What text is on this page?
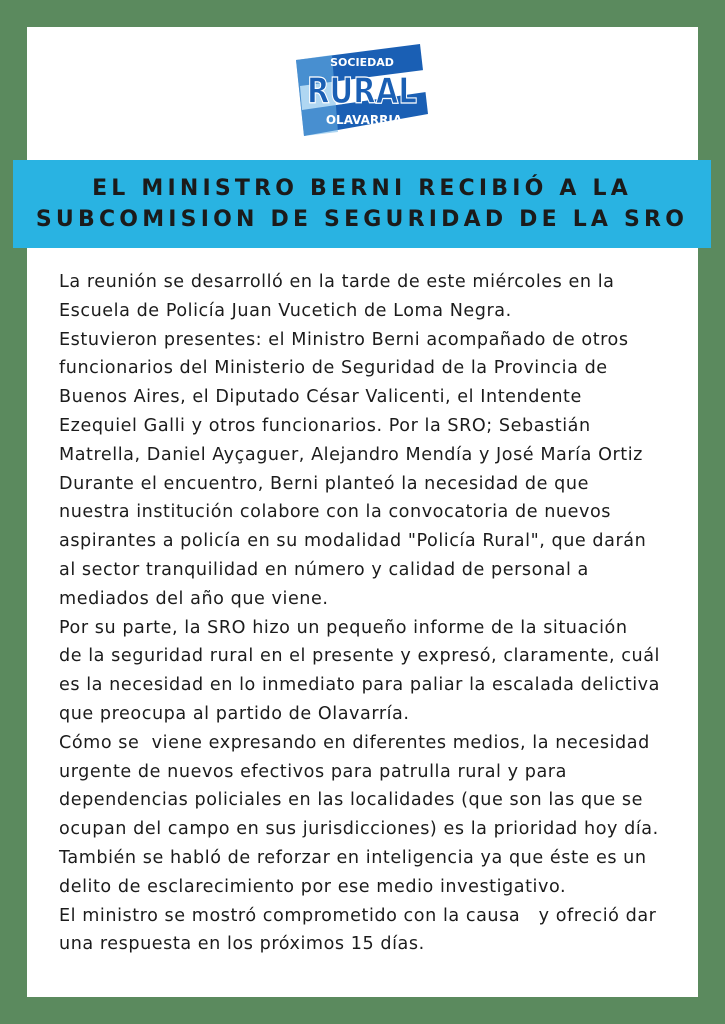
SOCIEDAD
RURAL
OLAVARRIA
EL MINISTRO BERNI RECIBIÓ A LA
SUBCOMISION DE SEGURIDAD DE LA SRO
La reunión se desarrolló en la tarde de este miércoles en la
Escuela de Policía Juan Vucetich de Loma Negra.
Estuvieron presentes: el Ministro Berni acompañado de otros
funcionarios del Ministerio de Seguridad de la Provincia de
Buenos Aires, el Diputado César Valicenti, el Intendente
Ezequiel Galli y otros funcionarios. Por la SRO; Sebastián
Matrella, Daniel Ayçaguer, Alejandro Mendía y José María Ortiz
Durante el encuentro, Berni planteó la necesidad de que
nuestra institución colabore con la convocatoria de nuevos
aspirantes a policía en su modalidad "Policía Rural", que darán
al sector tranquilidad en número y calidad de personal a
mediados del año que viene.
Por su parte, la SRO hizo un pequeño informe de la situación
de la seguridad rural en el presente y expresó, claramente, cuál
es la necesidad en lo inmediato para paliar la escalada delictiva
que preocupa al partido de Olavarría.
Cómo se  viene expresando en diferentes medios, la necesidad
urgente de nuevos efectivos para patrulla rural y para
dependencias policiales en las localidades (que son las que se
ocupan del campo en sus jurisdicciones) es la prioridad hoy día.
También se habló de reforzar en inteligencia ya que éste es un
delito de esclarecimiento por ese medio investigativo.
El ministro se mostró comprometido con la causa   y ofreció dar
una respuesta en los próximos 15 días.
